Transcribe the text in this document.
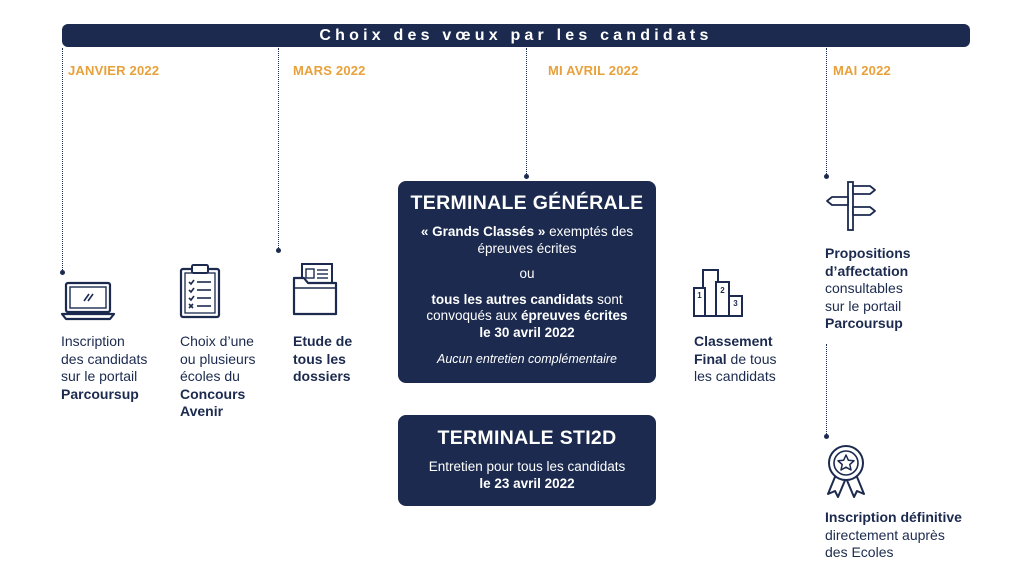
Choix des vœux par les candidats
JANVIER 2022	MARS 2022	MI AVRIL 2022	MAI 2022
1
2
3
Inscription
des candidats
sur le portail
Parcoursup
Choix d’une
ou plusieurs
écoles du
Concours
Avenir
Etude de
tous les
dossiers
Classement
Final de tous
les candidats
Propositions
d’affectation
consultables
sur le portail
Parcoursup
Inscription définitive
directement auprès
des Ecoles
TERMINALE GÉNÉRALE
« Grands Classés » exemptés des
épreuves écrites
ou
tous les autres candidats sont
convoqués aux épreuves écrites
le 30 avril 2022
Aucun entretien complémentaire
TERMINALE STI2D
Entretien pour tous les candidats
le 23 avril 2022
